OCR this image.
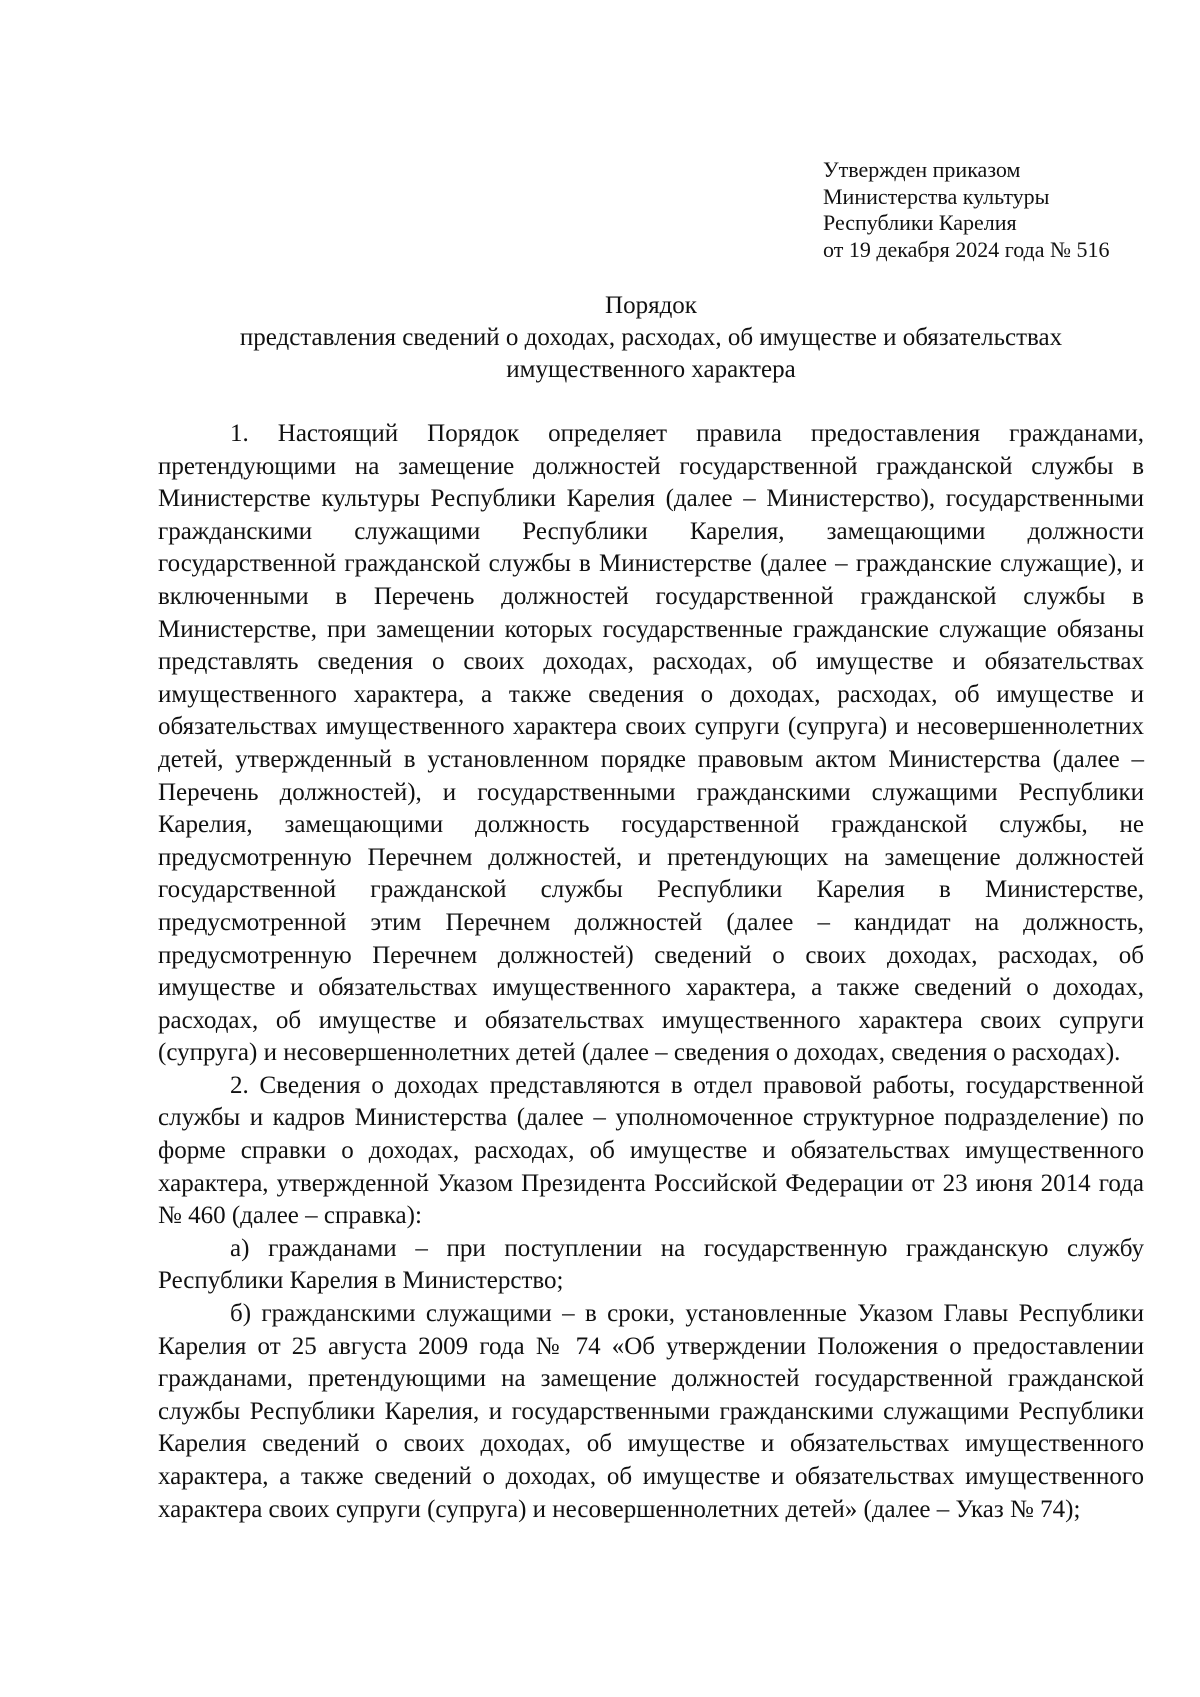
Утвержден приказом
Министерства культуры
Республики Карелия
от 19 декабря 2024 года № 516
Порядок
представления сведений о доходах, расходах, об имуществе и обязательствах
имущественного характера

1. Настоящий Порядок определяет правила предоставления гражданами, претендующими на замещение должностей государственной гражданской службы в Министерстве культуры Республики Карелия (далее – Министерство), государственными гражданскими служащими Республики Карелия, замещающими должности государственной гражданской службы в Министерстве (далее – гражданские служащие), и включенными в Перечень должностей государственной гражданской службы в Министерстве, при замещении которых государственные гражданские служащие обязаны представлять сведения о своих доходах, расходах, об имуществе и обязательствах имущественного характера, а также сведения о доходах, расходах, об имуществе и обязательствах имущественного характера своих супруги (супруга) и несовершеннолетних детей, утвержденный в установленном порядке правовым актом Министерства (далее – Перечень должностей), и государственными гражданскими служащими Республики Карелия, замещающими должность государственной гражданской службы, не предусмотренную Перечнем должностей, и претендующих на замещение должностей государственной гражданской службы Республики Карелия в Министерстве, предусмотренной этим Перечнем должностей (далее – кандидат на должность, предусмотренную Перечнем должностей) сведений о своих доходах, расходах, об имуществе и обязательствах имущественного характера, а также сведений о доходах, расходах, об имуществе и обязательствах имущественного характера своих супруги (супруга) и несовершеннолетних детей (далее – сведения о доходах, сведения о расходах).

2. Сведения о доходах представляются в отдел правовой работы, государственной службы и кадров Министерства (далее – уполномоченное структурное подразделение) по форме справки о доходах, расходах, об имуществе и обязательствах имущественного характера, утвержденной Указом Президента Российской Федерации от 23 июня 2014 года № 460 (далее – справка):

а) гражданами – при поступлении на государственную гражданскую службу Республики Карелия в Министерство;

б) гражданскими служащими – в сроки, установленные Указом Главы Республики Карелия от 25 августа 2009 года № 74 «Об утверждении Положения о предоставлении гражданами, претендующими на замещение должностей государственной гражданской службы Республики Карелия, и государственными гражданскими служащими Республики Карелия сведений о своих доходах, об имуществе и обязательствах имущественного характера, а также сведений о доходах, об имуществе и обязательствах имущественного характера своих супруги (супруга) и несовершеннолетних детей» (далее – Указ № 74);
